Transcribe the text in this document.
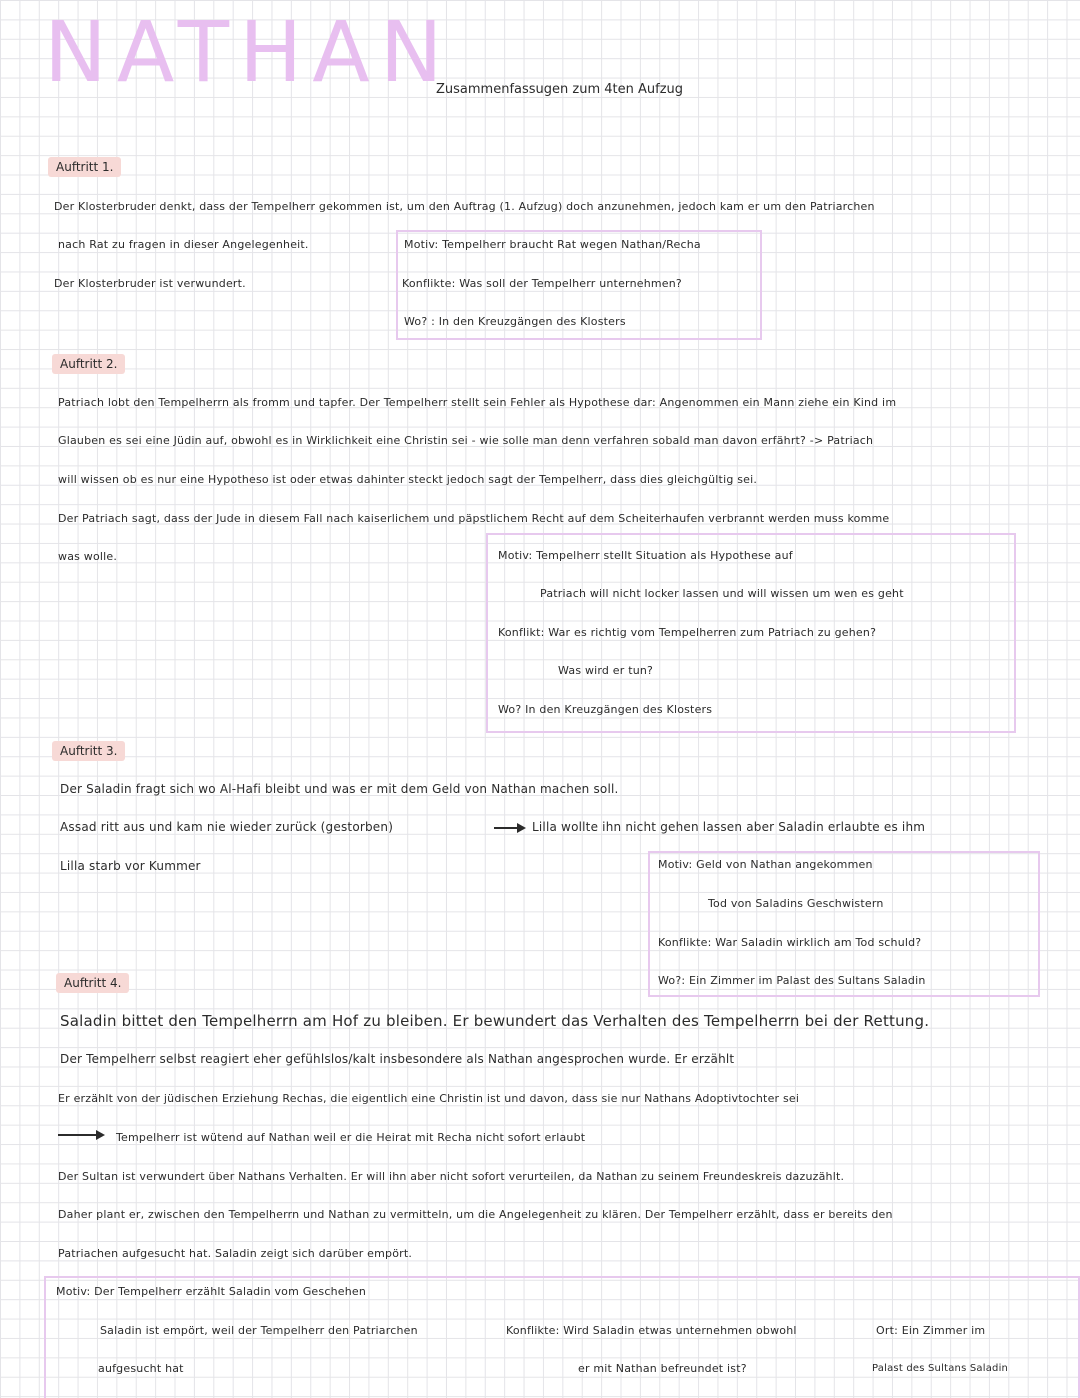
NATHAN
Zusammenfassugen zum 4ten Aufzug
Auftritt 1.
Der Klosterbruder denkt, dass der Tempelherr gekommen ist, um den Auftrag (1. Aufzug) doch anzunehmen, jedoch kam er um den Patriarchen
nach Rat zu fragen in dieser Angelegenheit.
Der Klosterbruder ist verwundert.
Motiv: Tempelherr braucht Rat wegen Nathan/Recha
Konflikte: Was soll der Tempelherr unternehmen?
Wo? : In den Kreuzgängen des Klosters
Auftritt 2.
Patriach lobt den Tempelherrn als fromm und tapfer. Der Tempelherr stellt sein Fehler als Hypothese dar: Angenommen ein Mann ziehe ein Kind im
Glauben es sei eine Jüdin auf, obwohl es in Wirklichkeit eine Christin sei - wie solle man denn verfahren sobald man davon erfährt? -> Patriach
will wissen ob es nur eine Hypotheso ist oder etwas dahinter steckt jedoch sagt der Tempelherr, dass dies gleichgültig sei.
Der Patriach sagt, dass der Jude in diesem Fall nach kaiserlichem und päpstlichem Recht auf dem Scheiterhaufen verbrannt werden muss komme
was wolle.	Motiv: Tempelherr stellt Situation als Hypothese auf
Patriach will nicht locker lassen und will wissen um wen es geht
Konflikt: War es richtig vom Tempelherren zum Patriach zu gehen?
Was wird er tun?
Wo? In den Kreuzgängen des Klosters
Auftritt 3.
Der Saladin fragt sich wo Al-Hafi bleibt und was er mit dem Geld von Nathan machen soll.
Assad ritt aus und kam nie wieder zurück (gestorben)	Lilla wollte ihn nicht gehen lassen aber Saladin erlaubte es ihm
Lilla starb vor Kummer	Motiv: Geld von Nathan angekommen
Tod von Saladins Geschwistern
Konflikte: War Saladin wirklich am Tod schuld?
Wo?: Ein Zimmer im Palast des Sultans Saladin
Auftritt 4.
Saladin bittet den Tempelherrn am Hof zu bleiben. Er bewundert das Verhalten des Tempelherrn bei der Rettung.
Der Tempelherr selbst reagiert eher gefühlslos/kalt insbesondere als Nathan angesprochen wurde. Er erzählt
Er erzählt von der jüdischen Erziehung Rechas, die eigentlich eine Christin ist und davon, dass sie nur Nathans Adoptivtochter sei
Tempelherr ist wütend auf Nathan weil er die Heirat mit Recha nicht sofort erlaubt
Der Sultan ist verwundert über Nathans Verhalten. Er will ihn aber nicht sofort verurteilen, da Nathan zu seinem Freundeskreis dazuzählt.
Daher plant er, zwischen den Tempelherrn und Nathan zu vermitteln, um die Angelegenheit zu klären. Der Tempelherr erzählt, dass er bereits den
Patriachen aufgesucht hat. Saladin zeigt sich darüber empört.
Motiv: Der Tempelherr erzählt Saladin vom Geschehen
Saladin ist empört, weil der Tempelherr den Patriarchen
aufgesucht hat
Konflikte: Wird Saladin etwas unternehmen obwohl
er mit Nathan befreundet ist?
Ort: Ein Zimmer im
Palast des Sultans Saladin
